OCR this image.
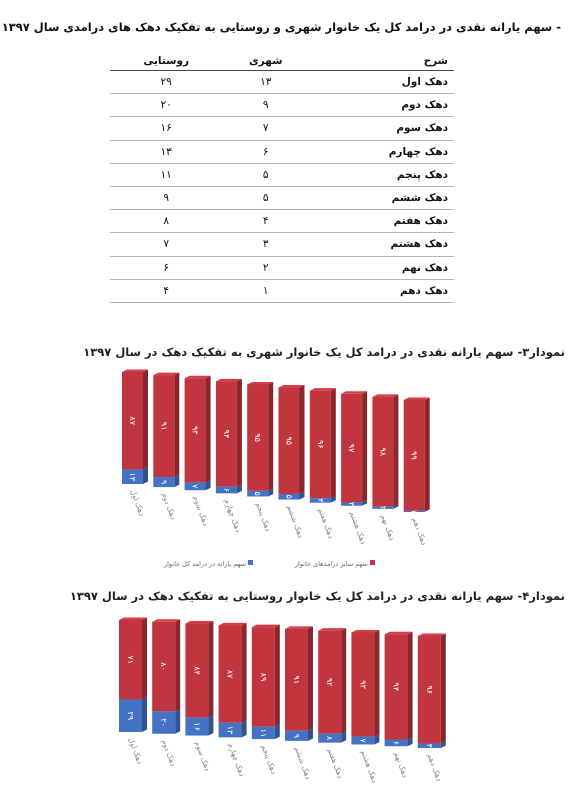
- سهم یارانه نقدی در درامد کل یک خانوار شهری و روستایی به تفکیک دهک های درامدی سال ۱۳۹۷
شرح	شهری	روستایی
دهک اول	۱۳	۲۹
دهک دوم	۹	۲۰
دهک سوم	۷	۱۶
دهک چهارم	۶	۱۳
دهک پنجم	۵	۱۱
دهک ششم	۵	۹
دهک هفتم	۴	۸
دهک هشتم	۳	۷
دهک نهم	۲	۶
دهک دهم	۱	۴
نمودار۳- سهم یارانه نقدی در درامد کل یک خانوار شهری به تفکیک دهک در سال ۱۳۹۷
۸۷
۱۳
دهک اول
۹۱
۹
دهک دوم
۹۳
۷
دهک سوم
۹۴
۶
دهک چهارم
۹۵
۵
دهک پنجم
۹۵
۵
دهک ششم
۹۶
۴
دهک هفتم
۹۷
۳
دهک هشتم
۹۸
۲
دهک نهم
۹۹
۱
دهک دهم
سهم سایر درامدهای خانوار
سهم یارانه در درامد کل خانوار
نمودار۴- سهم یارانه نقدی در درامد کل یک خانوار روستایی به تفکیک دهک در سال ۱۳۹۷
۷۱
۲۹
دهک اول
۸۰
۲۰
دهک دوم
۸۴
۱۶
دهک سوم
۸۷
۱۳
دهک چهارم
۸۹
۱۱
دهک پنجم
۹۱
۹
دهک ششم
۹۲
۸
دهک هفتم
۹۳
۷
دهک هشتم
۹۴
۶
دهک نهم
۹۶
۴
دهک دهم
